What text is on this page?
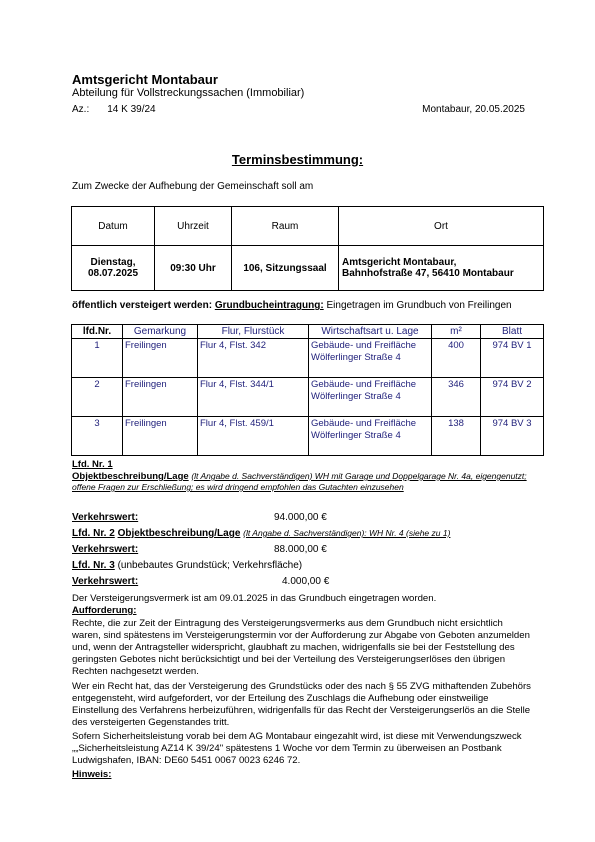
Amtsgericht Montabaur
Abteilung für Vollstreckungssachen (Immobiliar)
Az.: 14 K 39/24	Montabaur, 20.05.2025
Terminsbestimmung:
Zum Zwecke der Aufhebung der Gemeinschaft soll am
Datum	Uhrzeit	Raum	Ort
Dienstag, 08.07.2025	09:30 Uhr	106, Sitzungssaal	Amtsgericht Montabaur,
Bahnhofstraße 47, 56410 Montabaur
öffentlich versteigert werden: Grundbucheintragung: Eingetragen im Grundbuch von Freilingen
lfd.Nr.	Gemarkung	Flur, Flurstück	Wirtschaftsart u. Lage	m²	Blatt
1	Freilingen	Flur 4, Flst. 342	Gebäude- und Freifläche
Wölferlinger Straße 4	400	974 BV 1
2	Freilingen	Flur 4, Flst. 344/1	Gebäude- und Freifläche
Wölferlinger Straße 4	346	974 BV 2
3	Freilingen	Flur 4, Flst. 459/1	Gebäude- und Freifläche
Wölferlinger Straße 4	138	974 BV 3
Lfd. Nr. 1
Objektbeschreibung/Lage (lt Angabe d. Sachverständigen) WH mit Garage und Doppelgarage Nr. 4a, eigengenutzt; offene Fragen zur Erschließung; es wird dringend empfohlen das Gutachten einzusehen
Verkehrswert:	94.000,00 €
Lfd. Nr. 2 Objektbeschreibung/Lage (lt Angabe d. Sachverständigen): WH Nr. 4 (siehe zu 1)
Verkehrswert:	88.000,00 €
Lfd. Nr. 3 (unbebautes Grundstück; Verkehrsfläche)
Verkehrswert:	4.000,00 €
Der Versteigerungsvermerk ist am 09.01.2025 in das Grundbuch eingetragen worden.
Aufforderung:
Rechte, die zur Zeit der Eintragung des Versteigerungsvermerks aus dem Grundbuch nicht ersichtlich waren, sind spätestens im Versteigerungstermin vor der Aufforderung zur Abgabe von Geboten anzumelden und, wenn der Antragsteller widerspricht, glaubhaft zu machen, widrigenfalls sie bei der Feststellung des geringsten Gebotes nicht berücksichtigt und bei der Verteilung des Versteigerungserlöses den übrigen Rechten nachgesetzt werden.
Wer ein Recht hat, das der Versteigerung des Grundstücks oder des nach § 55 ZVG mithaftenden Zubehörs entgegensteht, wird aufgefordert, vor der Erteilung des Zuschlags die Aufhebung oder einstweilige Einstellung des Verfahrens herbeizuführen, widrigenfalls für das Recht der Versteigerungserlös an die Stelle des versteigerten Gegenstandes tritt.
Sofern Sicherheitsleistung vorab bei dem AG Montabaur eingezahlt wird, ist diese mit Verwendungszweck „„Sicherheitsleistung AZ14 K 39/24" spätestens 1 Woche vor dem Termin zu überweisen an Postbank Ludwigshafen, IBAN: DE60 5451 0067 0023 6246 72.
Hinweis:
